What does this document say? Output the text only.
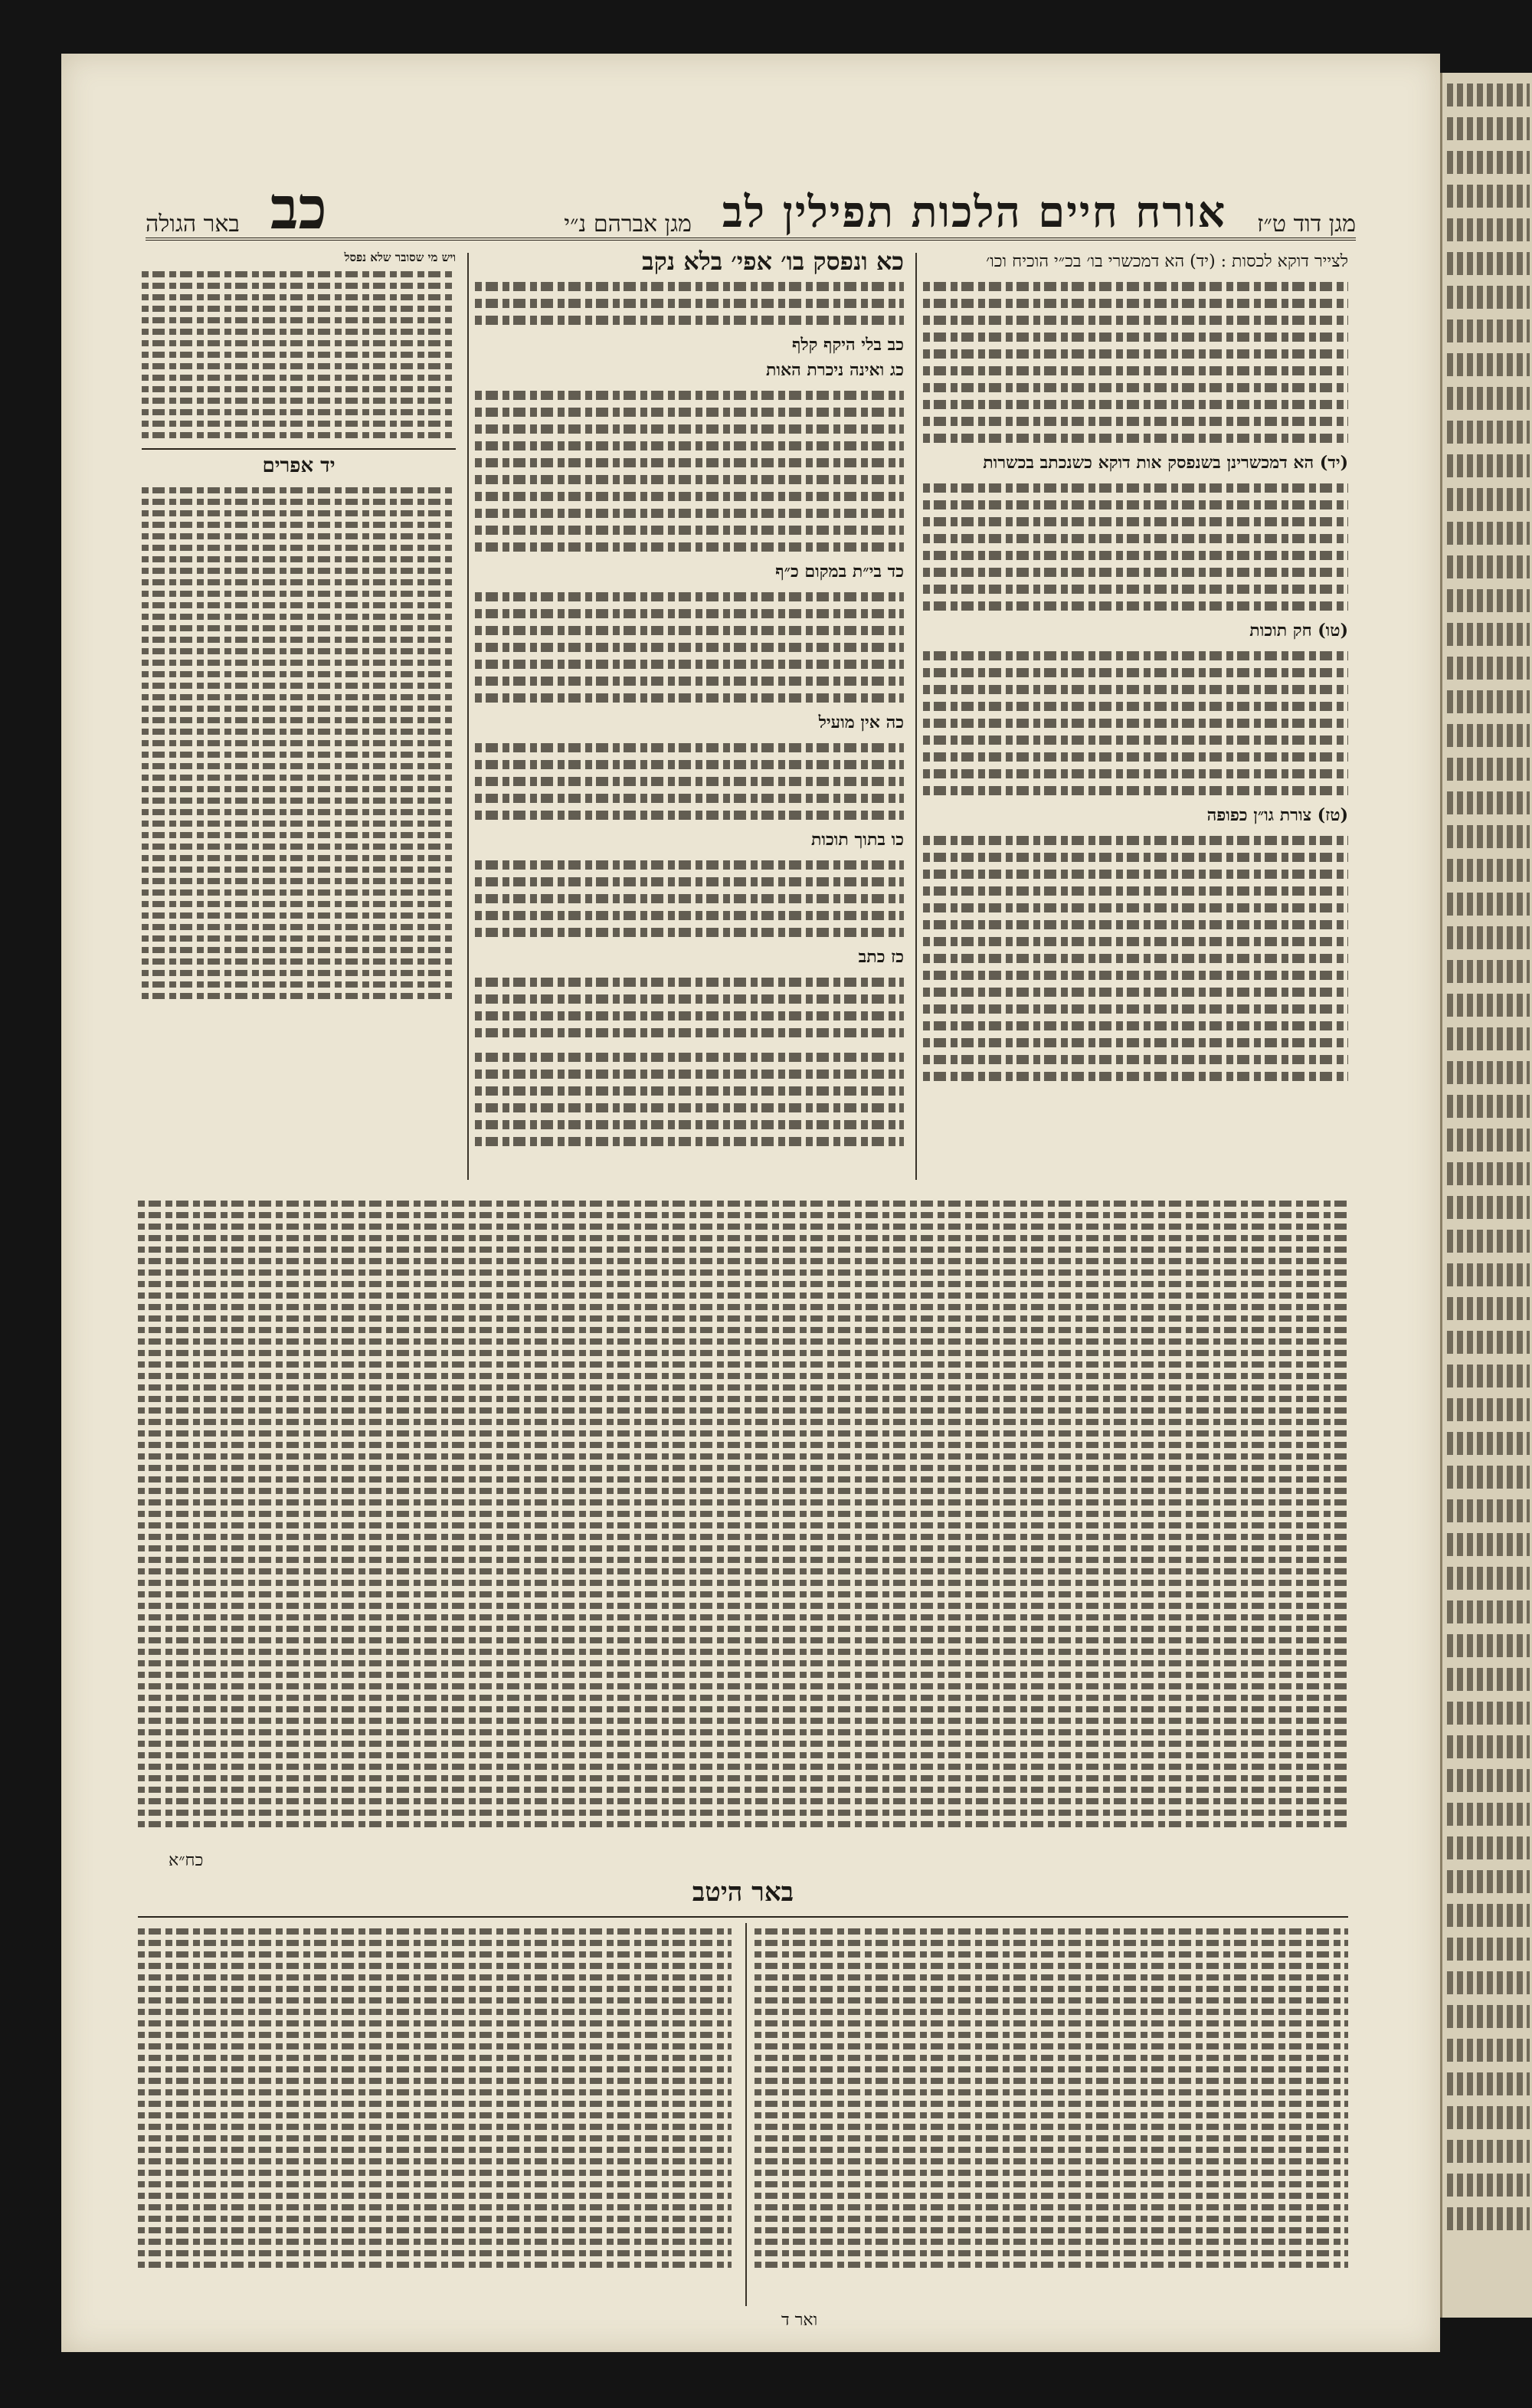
מגן דוד ט״ז
אורח חיים הלכות תפילין לב
מגן אברהם נ״י
כב
באר הגולה
לצייר דוקא לכסות : (יד) הא דמכשרי בו׳ בכ״י הוכיח וכו׳
(יד) הא דמכשרינן בשנפסק אות דוקא כשנכתב בכשרות
(טו) חק תוכות
(טז) צורת גו״ן כפופה
כא ונפסק בו׳ אפי׳ בלא נקב
כב בלי היקף קלף
כג ואינה ניכרת האות
כד בי״ת במקום כ״ף
כה אין מועיל
כו בתוך תוכות
כז כתב
ויש מי שסובר שלא נפסל
יד אפרים
כח״א
באר היטב
ואר ד
